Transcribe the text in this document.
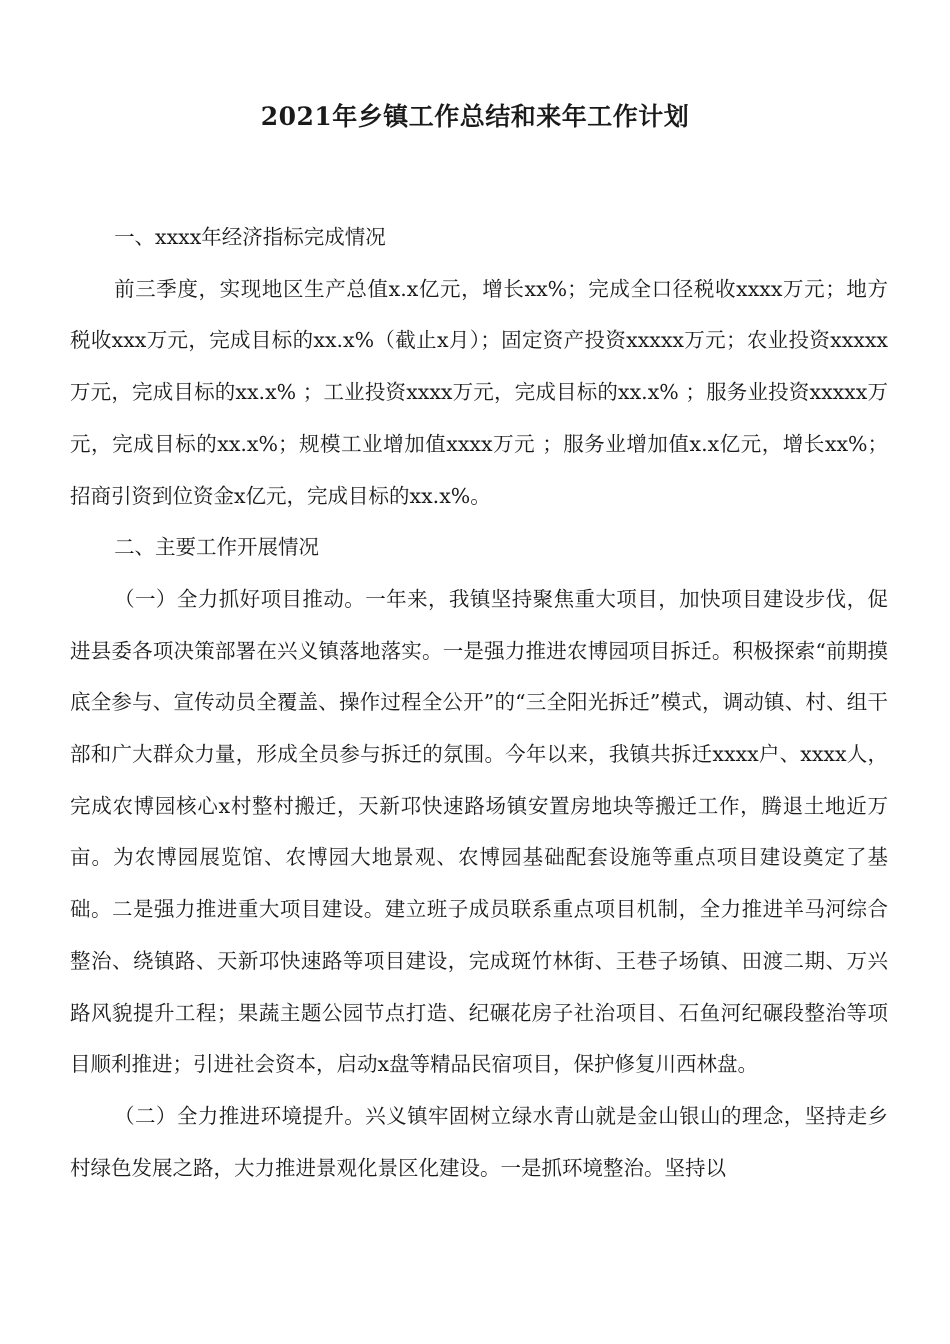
2021年乡镇工作总结和来年工作计划

一、xxxx年经济指标完成情况

前三季度，实现地区生产总值x.x亿元，增长xx%；完成全口径税收xxxx万元；地方税收xxx万元，完成目标的xx.x%（截止x月）；固定资产投资xxxxx万元；农业投资xxxxx万元，完成目标的xx.x% ；工业投资xxxx万元，完成目标的xx.x% ；服务业投资xxxxx万元，完成目标的xx.x%；规模工业增加值xxxx万元 ；服务业增加值x.x亿元，增长xx%；招商引资到位资金x亿元，完成目标的xx.x%。

二、主要工作开展情况

（一）全力抓好项目推动。一年来，我镇坚持聚焦重大项目，加快项目建设步伐，促进县委各项决策部署在兴义镇落地落实。一是强力推进农博园项目拆迁。积极探索“前期摸底全参与、宣传动员全覆盖、操作过程全公开”的“三全阳光拆迁”模式，调动镇、村、组干部和广大群众力量，形成全员参与拆迁的氛围。今年以来，我镇共拆迁xxxx户、xxxx人，完成农博园核心x村整村搬迁，天新邛快速路场镇安置房地块等搬迁工作，腾退土地近万亩。为农博园展览馆、农博园大地景观、农博园基础配套设施等重点项目建设奠定了基础。二是强力推进重大项目建设。建立班子成员联系重点项目机制，全力推进羊马河综合整治、绕镇路、天新邛快速路等项目建设，完成斑竹林街、王巷子场镇、田渡二期、万兴路风貌提升工程；果蔬主题公园节点打造、纪碾花房子社治项目、石鱼河纪碾段整治等项目顺利推进；引进社会资本，启动x盘等精品民宿项目，保护修复川西林盘。

（二）全力推进环境提升。兴义镇牢固树立绿水青山就是金山银山的理念，坚持走乡村绿色发展之路，大力推进景观化景区化建设。一是抓环境整治。坚持以
